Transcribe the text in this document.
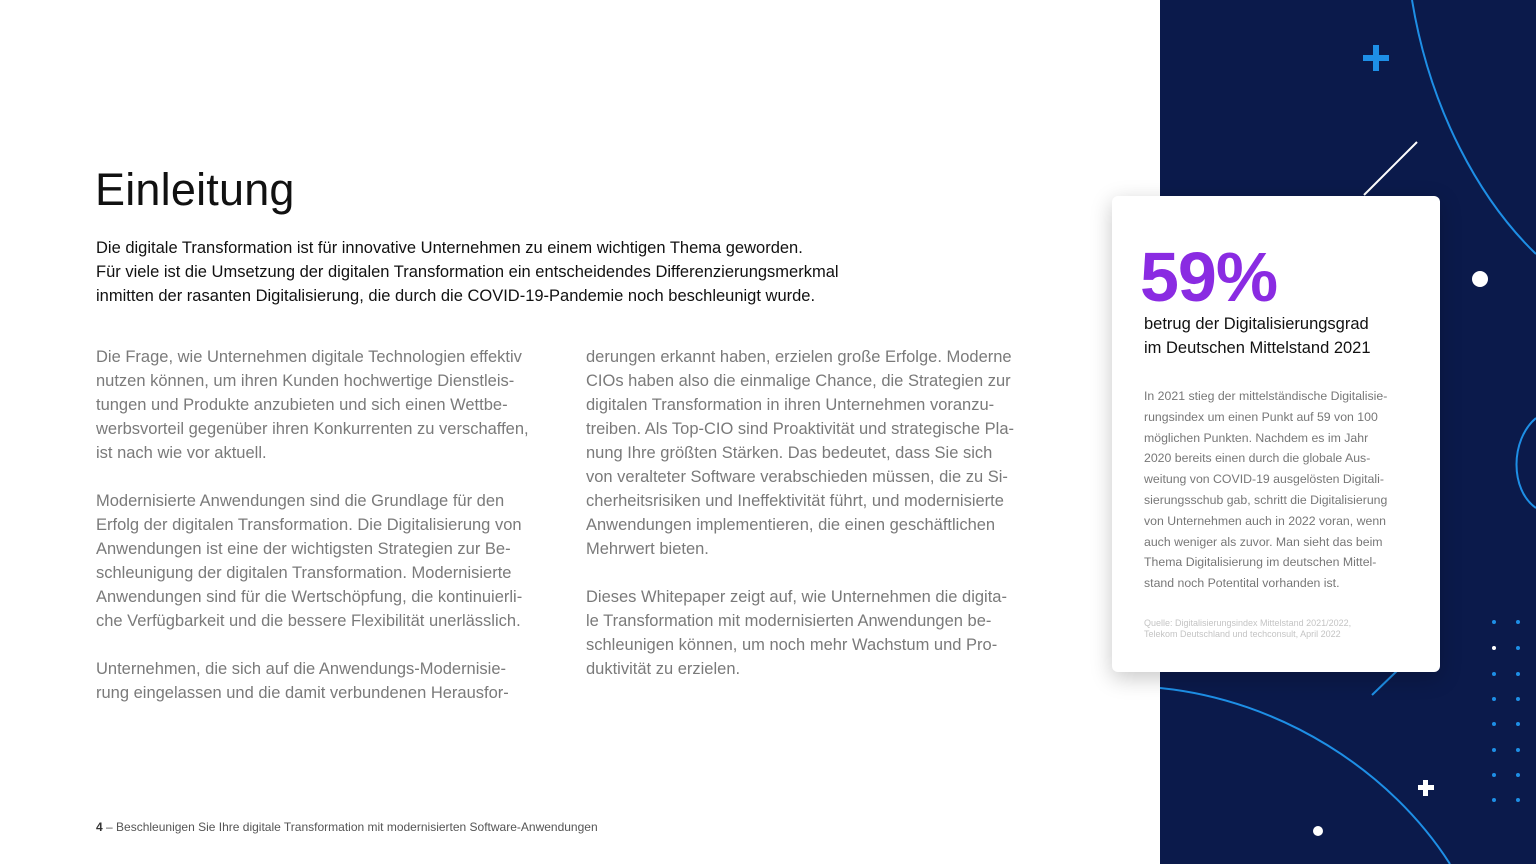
Einleitung
Die digitale Transformation ist für innovative Unternehmen zu einem wichtigen Thema geworden.
Für viele ist die Umsetzung der digitalen Transformation ein entscheidendes Differenzierungsmerkmal
inmitten der rasanten Digitalisierung, die durch die COVID-19-Pandemie noch beschleunigt wurde.

Die Frage, wie Unternehmen digitale Technologien effektiv
nutzen können, um ihren Kunden hochwertige Dienstleis-
tungen und Produkte anzubieten und sich einen Wettbe-
werbsvorteil gegenüber ihren Konkurrenten zu verschaffen,
ist nach wie vor aktuell.

Modernisierte Anwendungen sind die Grundlage für den
Erfolg der digitalen Transformation. Die Digitalisierung von
Anwendungen ist eine der wichtigsten Strategien zur Be-
schleunigung der digitalen Transformation. Modernisierte
Anwendungen sind für die Wertschöpfung, die kontinuierli-
che Verfügbarkeit und die bessere Flexibilität unerlässlich.

Unternehmen, die sich auf die Anwendungs-Modernisie-
rung eingelassen und die damit verbundenen Herausfor-

derungen erkannt haben, erzielen große Erfolge. Moderne
CIOs haben also die einmalige Chance, die Strategien zur
digitalen Transformation in ihren Unternehmen voranzu-
treiben. Als Top-CIO sind Proaktivität und strategische Pla-
nung Ihre größten Stärken. Das bedeutet, dass Sie sich
von veralteter Software verabschieden müssen, die zu Si-
cherheitsrisiken und Ineffektivität führt, und modernisierte
Anwendungen implementieren, die einen geschäftlichen
Mehrwert bieten.

Dieses Whitepaper zeigt auf, wie Unternehmen die digita-
le Transformation mit modernisierten Anwendungen be-
schleunigen können, um noch mehr Wachstum und Pro-
duktivität zu erzielen.

4 – Beschleunigen Sie Ihre digitale Transformation mit modernisierten Software-Anwendungen
59%
betrug der Digitalisierungsgrad
im Deutschen Mittelstand 2021
In 2021 stieg der mittelständische Digitalisie-
rungsindex um einen Punkt auf 59 von 100
möglichen Punkten. Nachdem es im Jahr
2020 bereits einen durch die globale Aus-
weitung von COVID-19 ausgelösten Digitali-
sierungsschub gab, schritt die Digitalisierung
von Unternehmen auch in 2022 voran, wenn
auch weniger als zuvor. Man sieht das beim
Thema Digitalisierung im deutschen Mittel-
stand noch Potentital vorhanden ist.
Quelle: Digitalisierungsindex Mittelstand 2021/2022,
Telekom Deutschland und techconsult, April 2022
